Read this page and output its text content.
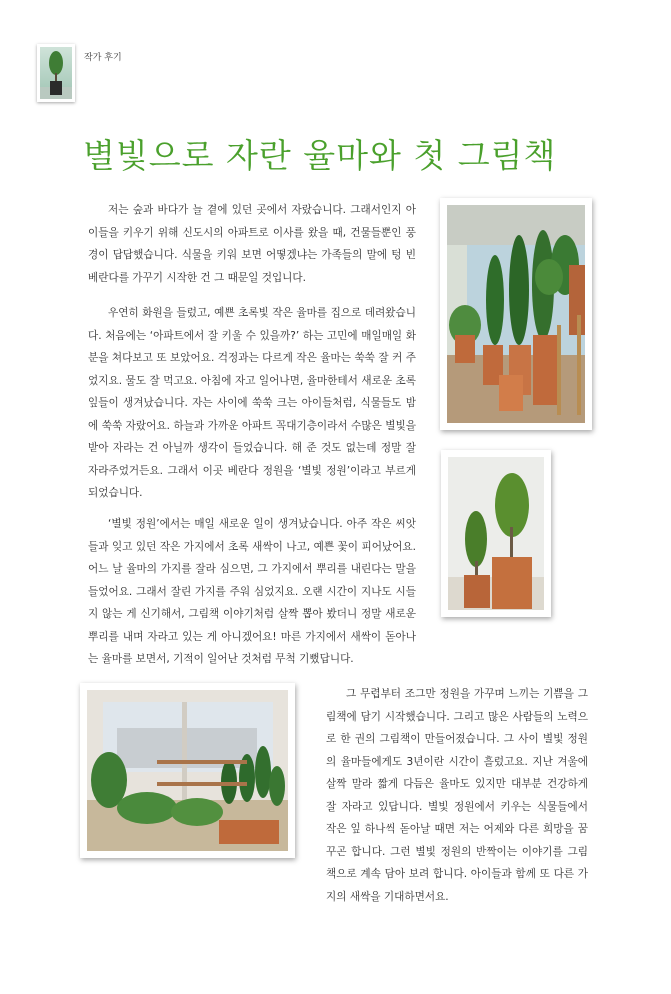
작가 후기
별빛으로 자란 율마와 첫 그림책

저는 숲과 바다가 늘 곁에 있던 곳에서 자랐습니다. 그래서인지 아이들을 키우기 위해 신도시의 아파트로 이사를 왔을 때, 건물들뿐인 풍경이 답답했습니다. 식물을 키워 보면 어떻겠냐는 가족들의 말에 텅 빈 베란다를 가꾸기 시작한 건 그 때문일 것입니다.

우연히 화원을 들렀고, 예쁜 초록빛 작은 율마를 집으로 데려왔습니다. 처음에는 ‘아파트에서 잘 키울 수 있을까?’ 하는 고민에 매일매일 화분을 쳐다보고 또 보았어요. 걱정과는 다르게 작은 율마는 쑥쑥 잘 커 주었지요. 물도 잘 먹고요. 아침에 자고 일어나면, 율마한테서 새로운 초록 잎들이 생겨났습니다. 자는 사이에 쑥쑥 크는 아이들처럼, 식물들도 밤에 쑥쑥 자랐어요. 하늘과 가까운 아파트 꼭대기층이라서 수많은 별빛을 받아 자라는 건 아닐까 생각이 들었습니다. 해 준 것도 없는데 정말 잘 자라주었거든요. 그래서 이곳 베란다 정원을 ‘별빛 정원’이라고 부르게 되었습니다.

‘별빛 정원’에서는 매일 새로운 일이 생겨났습니다. 아주 작은 씨앗들과 잊고 있던 작은 가지에서 초록 새싹이 나고, 예쁜 꽃이 피어났어요. 어느 날 율마의 가지를 잘라 심으면, 그 가지에서 뿌리를 내린다는 말을 들었어요. 그래서 잘린 가지를 주워 심었지요. 오랜 시간이 지나도 시들지 않는 게 신기해서, 그림책 이야기처럼 살짝 뽑아 봤더니 정말 새로운 뿌리를 내며 자라고 있는 게 아니겠어요! 마른 가지에서 새싹이 돋아나는 율마를 보면서, 기적이 일어난 것처럼 무척 기뻤답니다.

그 무렵부터 조그만 정원을 가꾸며 느끼는 기쁨을 그림책에 담기 시작했습니다. 그리고 많은 사람들의 노력으로 한 권의 그림책이 만들어졌습니다. 그 사이 별빛 정원의 율마들에게도 3년이란 시간이 흘렀고요. 지난 겨울에 살짝 말라 짧게 다듬은 율마도 있지만 대부분 건강하게 잘 자라고 있답니다. 별빛 정원에서 키우는 식물들에서 작은 잎 하나씩 돋아날 때면 저는 어제와 다른 희망을 꿈꾸곤 합니다. 그런 별빛 정원의 반짝이는 이야기를 그림책으로 계속 담아 보려 합니다. 아이들과 함께 또 다른 가지의 새싹을 기대하면서요.
